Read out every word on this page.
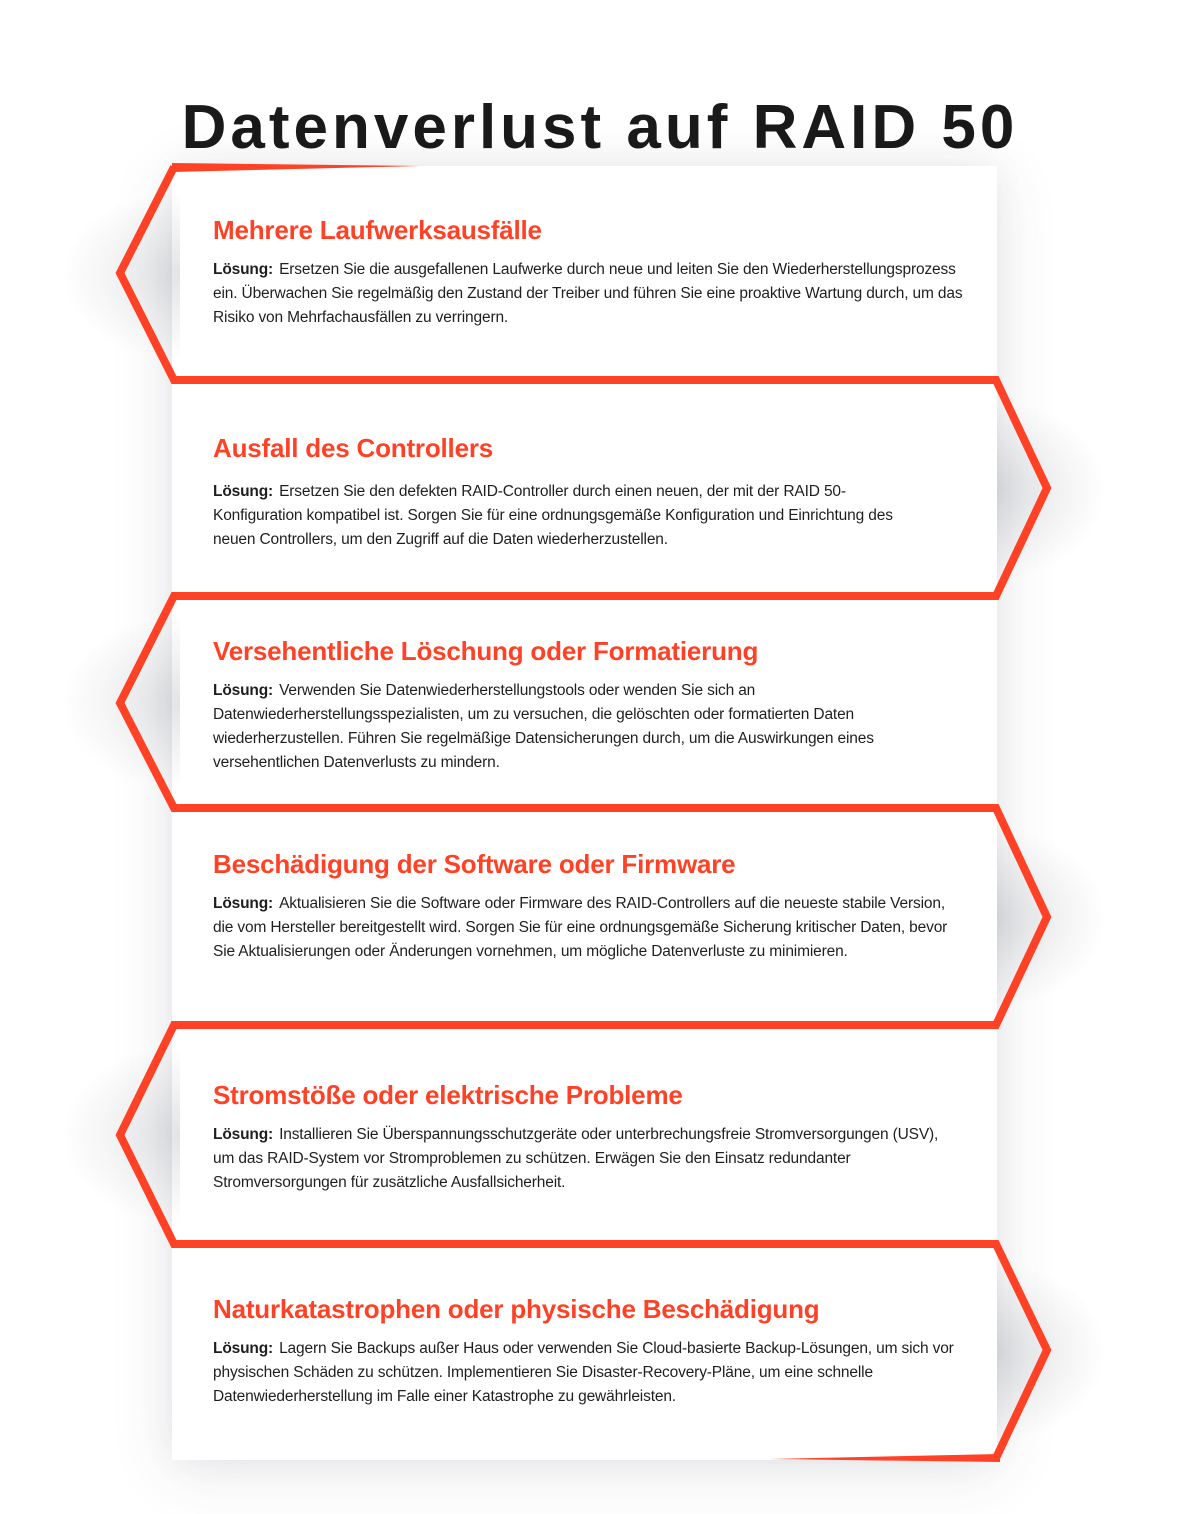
Datenverlust auf RAID 50
Mehrere Laufwerksausfälle

Lösung: Ersetzen Sie die ausgefallenen Laufwerke durch neue und leiten Sie den Wiederherstellungsprozess ein. Überwachen Sie regelmäßig den Zustand der Treiber und führen Sie eine proaktive Wartung durch, um das Risiko von Mehrfachausfällen zu verringern.

Ausfall des Controllers

Lösung: Ersetzen Sie den defekten RAID-Controller durch einen neuen, der mit der RAID 50-Konfiguration kompatibel ist. Sorgen Sie für eine ordnungsgemäße Konfiguration und Einrichtung des neuen Controllers, um den Zugriff auf die Daten wiederherzustellen.

Versehentliche Löschung oder Formatierung

Lösung: Verwenden Sie Datenwiederherstellungstools oder wenden Sie sich an Datenwiederherstellungsspezialisten, um zu versuchen, die gelöschten oder formatierten Daten wiederherzustellen. Führen Sie regelmäßige Datensicherungen durch, um die Auswirkungen eines versehentlichen Datenverlusts zu mindern.

Beschädigung der Software oder Firmware

Lösung: Aktualisieren Sie die Software oder Firmware des RAID-Controllers auf die neueste stabile Version, die vom Hersteller bereitgestellt wird. Sorgen Sie für eine ordnungsgemäße Sicherung kritischer Daten, bevor Sie Aktualisierungen oder Änderungen vornehmen, um mögliche Datenverluste zu minimieren.

Stromstöße oder elektrische Probleme

Lösung: Installieren Sie Überspannungsschutzgeräte oder unterbrechungsfreie Stromversorgungen (USV), um das RAID-System vor Stromproblemen zu schützen. Erwägen Sie den Einsatz redundanter Stromversorgungen für zusätzliche Ausfallsicherheit.

Naturkatastrophen oder physische Beschädigung

Lösung: Lagern Sie Backups außer Haus oder verwenden Sie Cloud-basierte Backup-Lösungen, um sich vor physischen Schäden zu schützen. Implementieren Sie Disaster-Recovery-Pläne, um eine schnelle Datenwiederherstellung im Falle einer Katastrophe zu gewährleisten.
